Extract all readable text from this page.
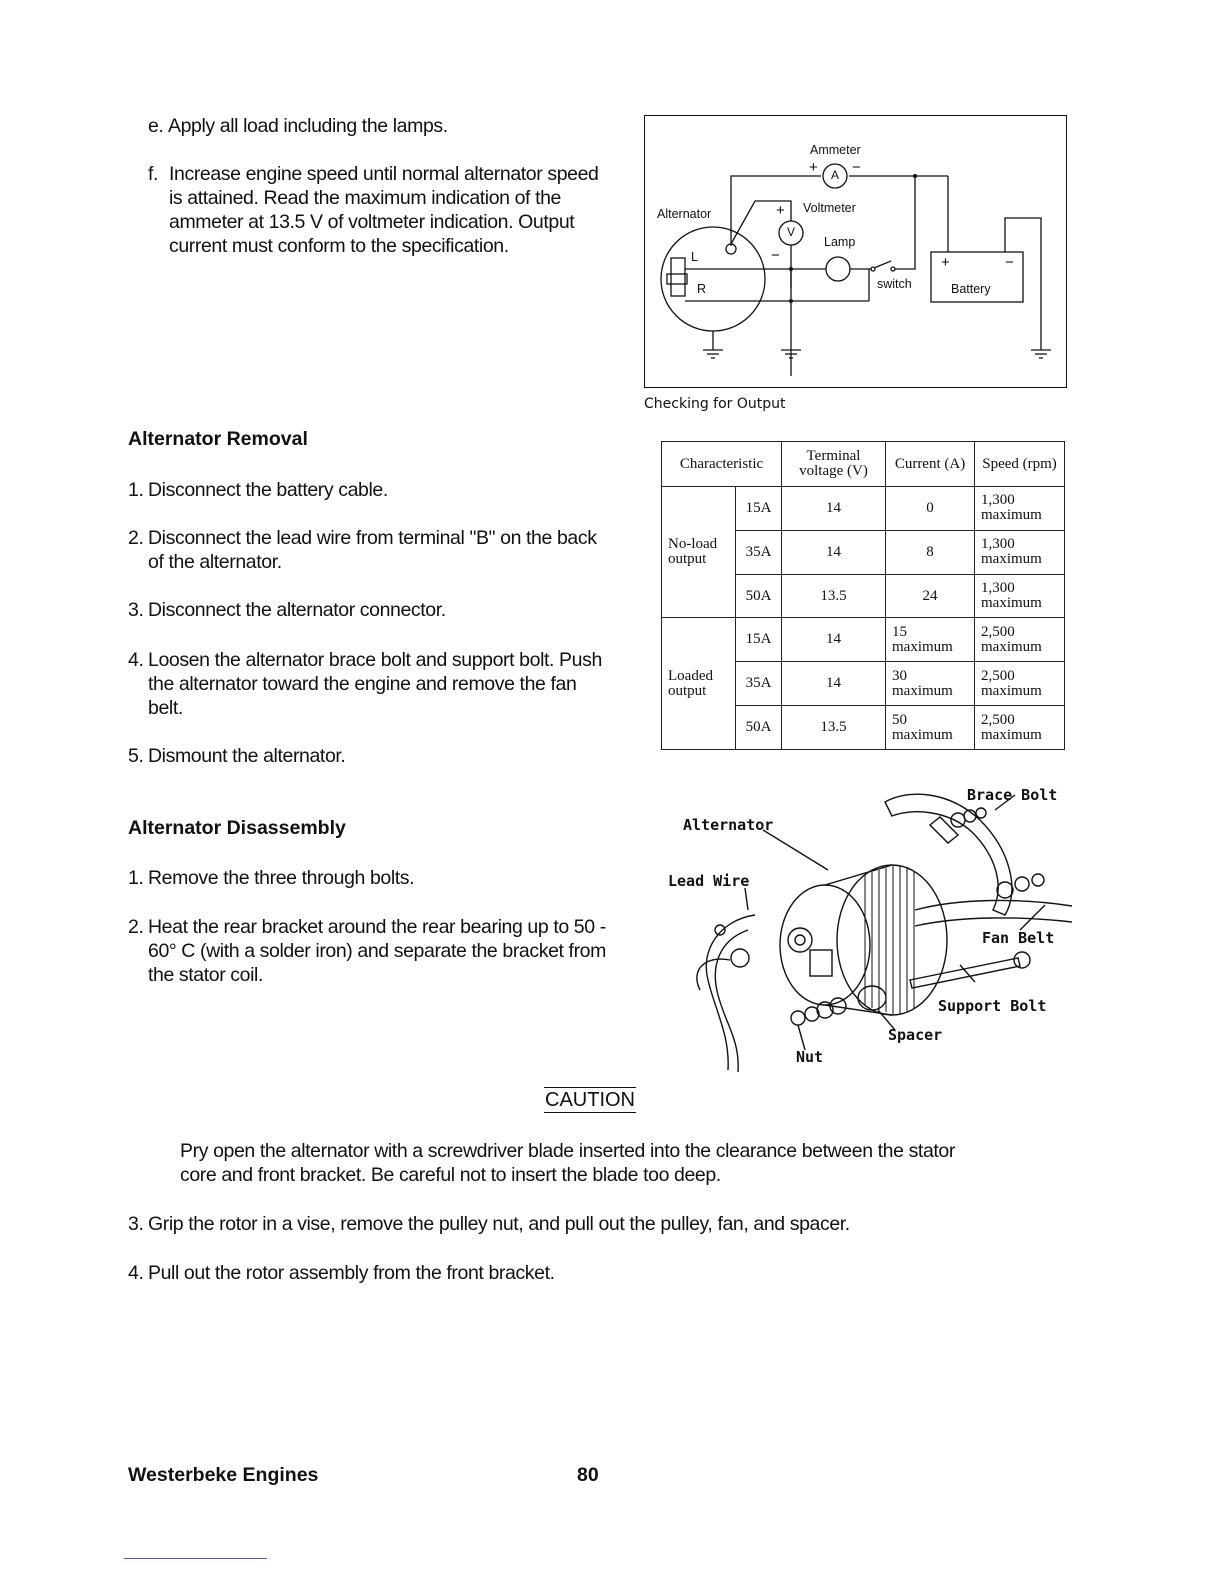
e. Apply all load including the lamps.
f. Increase engine speed until normal alternator speed is attained. Read the maximum indication of the ammeter at 13.5 V of voltmeter indication. Output current must conform to the specification.
Alternator Removal
1. Disconnect the battery cable.
2. Disconnect the lead wire from terminal "B" on the back of the alternator.
3. Disconnect the alternator connector.
4. Loosen the alternator brace bolt and support bolt. Push the alternator toward the engine and remove the fan belt.
5. Dismount the alternator.
Alternator Disassembly
1. Remove the three through bolts.
2. Heat the rear bracket around the rear bearing up to 50 - 60° C (with a solder iron) and separate the bracket from the stator coil.
Ammeter
+ A −
Alternator	+ Voltmeter
V
−
Lamp
L
R	switch
+	−
Battery
Checking for Output
Characteristic		Terminal voltage (V)	Current (A)	Speed (rpm)
No-load output	15A	14	0	1,300 maximum
	35A	14	8	1,300 maximum
	50A	13.5	24	1,300 maximum
Loaded output	15A	14	15 maximum	2,500 maximum
	35A	14	30 maximum	2,500 maximum
	50A	13.5	50 maximum	2,500 maximum
Brace Bolt
Alternator
Lead Wire
Fan Belt
Support Bolt
Spacer
Nut
CAUTION
Pry open the alternator with a screwdriver blade inserted into the clearance between the stator core and front bracket. Be careful not to insert the blade too deep.
3. Grip the rotor in a vise, remove the pulley nut, and pull out the pulley, fan, and spacer.
4. Pull out the rotor assembly from the front bracket.
Westerbeke Engines	80
